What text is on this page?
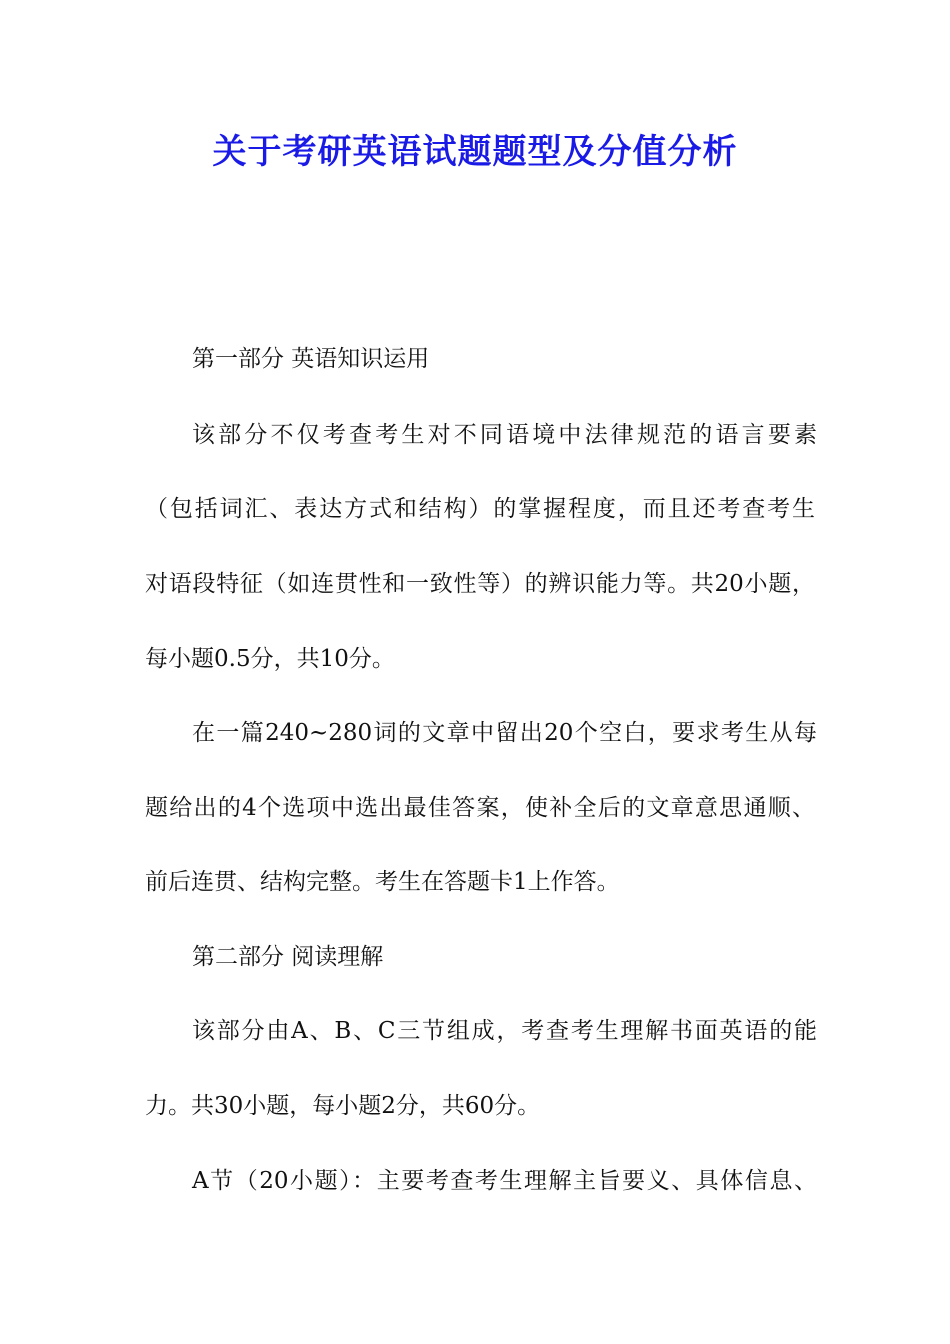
关于考研英语试题题型及分值分析

第一部分 英语知识运用

该部分不仅考查考生对不同语境中法律规范的语言要素

（包括词汇、表达方式和结构）的掌握程度，而且还考查考生

对语段特征（如连贯性和一致性等）的辨识能力等。共20小题，

每小题0.5分，共10分。

在一篇240~280词的文章中留出20个空白，要求考生从每

题给出的4个选项中选出最佳答案，使补全后的文章意思通顺、

前后连贯、结构完整。考生在答题卡1上作答。

第二部分 阅读理解

该部分由A、B、C三节组成，考查考生理解书面英语的能

力。共30小题，每小题2分，共60分。

A节（20小题）：主要考查考生理解主旨要义、具体信息、
